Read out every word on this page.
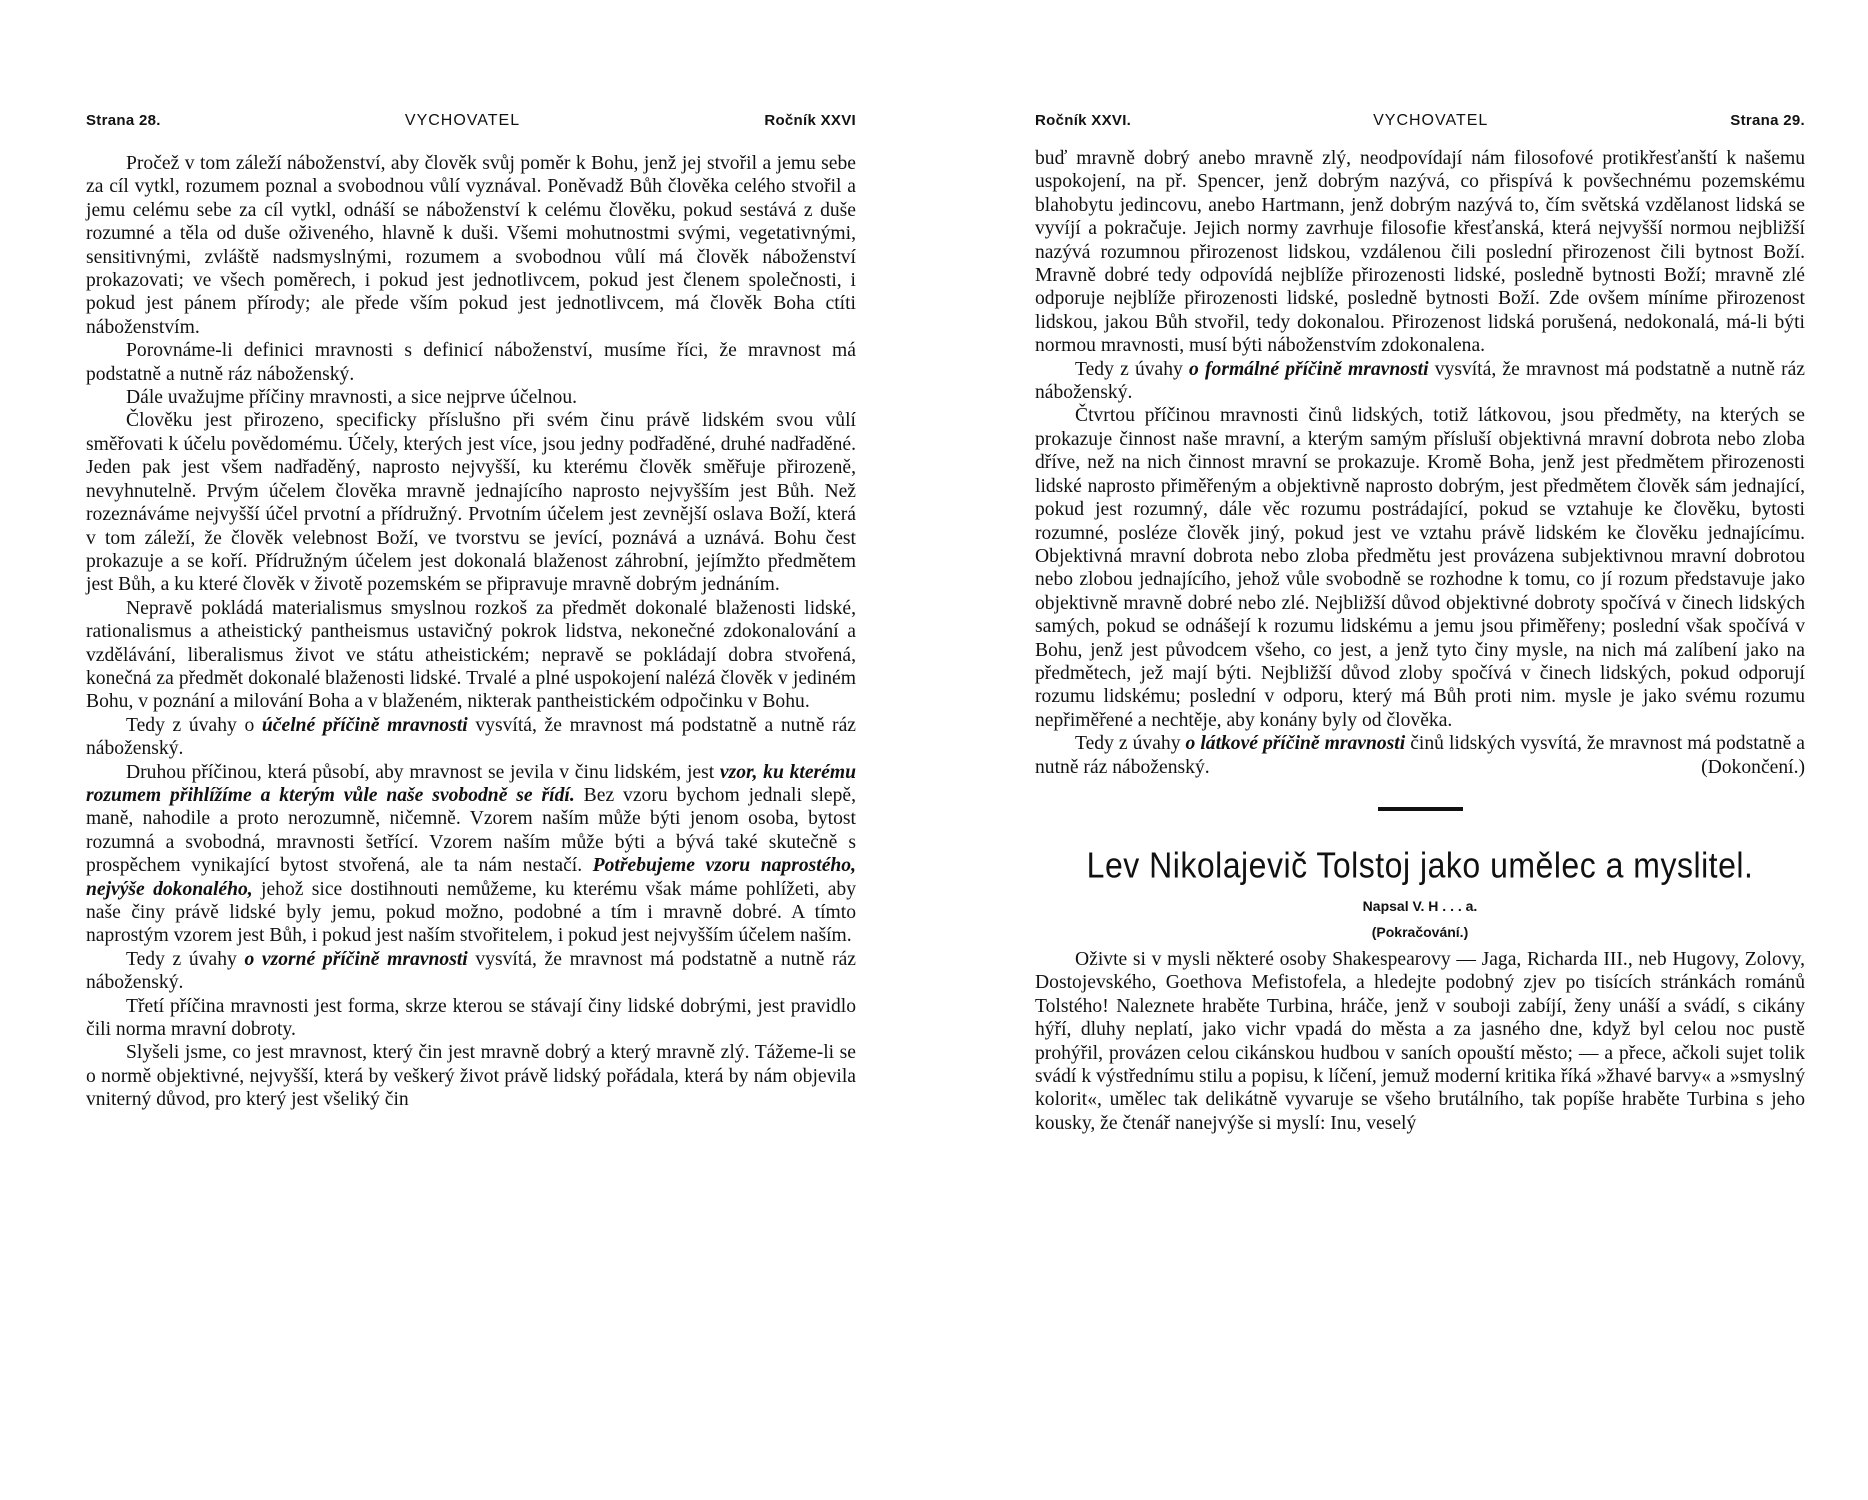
Strana 28.	VYCHOVATEL	Ročník XXVI

Pročež v tom záleží náboženství, aby člověk svůj poměr k Bohu, jenž jej stvořil a jemu sebe za cíl vytkl, rozumem poznal a svobodnou vůlí vyznával. Poněvadž Bůh člověka celého stvořil a jemu celému sebe za cíl vytkl, odnáší se náboženství k celému člověku, pokud sestává z duše rozumné a těla od duše oživeného, hlavně k duši. Všemi mohutnostmi svými, vegetativnými, sensitivnými, zvláště nadsmyslnými, rozumem a svobodnou vůlí má člověk náboženství prokazovati; ve všech poměrech, i pokud jest jednotlivcem, pokud jest členem společnosti, i pokud jest pánem přírody; ale přede vším pokud jest jednotlivcem, má člověk Boha ctíti náboženstvím.

Porovnáme-li definici mravnosti s definicí náboženství, musíme říci, že mravnost má podstatně a nutně ráz náboženský.

Dále uvažujme příčiny mravnosti, a sice nejprve účelnou.

Člověku jest přirozeno, specificky příslušno při svém činu právě lidském svou vůlí směřovati k účelu povědomému. Účely, kterých jest více, jsou jedny podřaděné, druhé nadřaděné. Jeden pak jest všem nadřaděný, naprosto nejvyšší, ku kterému člověk směřuje přirozeně, nevyhnutelně. Prvým účelem člověka mravně jednajícího naprosto nejvyšším jest Bůh. Než rozeznáváme nejvyšší účel prvotní a přídružný. Prvotním účelem jest zevnější oslava Boží, která v tom záleží, že člověk velebnost Boží, ve tvorstvu se jevící, poznává a uznává. Bohu čest prokazuje a se koří. Přídružným účelem jest dokonalá blaženost záhrobní, jejímžto předmětem jest Bůh, a ku které člověk v životě pozemském se připravuje mravně dobrým jednáním.

Nepravě pokládá materialismus smyslnou rozkoš za předmět dokonalé blaženosti lidské, rationalismus a atheistický pantheismus ustavičný pokrok lidstva, nekonečné zdokonalování a vzdělávání, liberalismus život ve státu atheistickém; nepravě se pokládají dobra stvořená, konečná za předmět dokonalé blaženosti lidské. Trvalé a plné uspokojení nalézá člověk v jediném Bohu, v poznání a milování Boha a v blaženém, nikterak pantheistickém odpočinku v Bohu.

Tedy z úvahy o účelné příčině mravnosti vysvítá, že mravnost má podstatně a nutně ráz náboženský.

Druhou příčinou, která působí, aby mravnost se jevila v činu lidském, jest vzor, ku kterému rozumem přihlížíme a kterým vůle naše svobodně se řídí. Bez vzoru bychom jednali slepě, maně, nahodile a proto nerozumně, ničemně. Vzorem naším může býti jenom osoba, bytost rozumná a svobodná, mravnosti šetřící. Vzorem naším může býti a bývá také skutečně s prospěchem vynikající bytost stvořená, ale ta nám nestačí. Potřebujeme vzoru naprostého, nejvýše dokonalého, jehož sice dostihnouti nemůžeme, ku kterému však máme pohlížeti, aby naše činy právě lidské byly jemu, pokud možno, podobné a tím i mravně dobré. A tímto naprostým vzorem jest Bůh, i pokud jest naším stvořitelem, i pokud jest nejvyšším účelem naším.

Tedy z úvahy o vzorné příčině mravnosti vysvítá, že mravnost má podstatně a nutně ráz náboženský.

Třetí příčina mravnosti jest forma, skrze kterou se stávají činy lidské dobrými, jest pravidlo čili norma mravní dobroty.

Slyšeli jsme, co jest mravnost, který čin jest mravně dobrý a který mravně zlý. Tážeme-li se o normě objektivné, nejvyšší, která by veškerý život právě lidský pořádala, která by nám objevila vniterný důvod, pro který jest všeliký čin

Ročník XXVI.	VYCHOVATEL	Strana 29.

buď mravně dobrý anebo mravně zlý, neodpovídají nám filosofové protikřesťanští k našemu uspokojení, na př. Spencer, jenž dobrým nazývá, co přispívá k povšechnému pozemskému blahobytu jedincovu, anebo Hartmann, jenž dobrým nazývá to, čím světská vzdělanost lidská se vyvíjí a pokračuje. Jejich normy zavrhuje filosofie křesťanská, která nejvyšší normou nejbližší nazývá rozumnou přirozenost lidskou, vzdálenou čili poslední přirozenost čili bytnost Boží. Mravně dobré tedy odpovídá nejblíže přirozenosti lidské, posledně bytnosti Boží; mravně zlé odporuje nejblíže přirozenosti lidské, posledně bytnosti Boží. Zde ovšem míníme přirozenost lidskou, jakou Bůh stvořil, tedy dokonalou. Přirozenost lidská porušená, nedokonalá, má-li býti normou mravnosti, musí býti náboženstvím zdokonalena.

Tedy z úvahy o formálné příčině mravnosti vysvítá, že mravnost má podstatně a nutně ráz náboženský.

Čtvrtou příčinou mravnosti činů lidských, totiž látkovou, jsou předměty, na kterých se prokazuje činnost naše mravní, a kterým samým přísluší objektivná mravní dobrota nebo zloba dříve, než na nich činnost mravní se prokazuje. Kromě Boha, jenž jest předmětem přirozenosti lidské naprosto přiměřeným a objektivně naprosto dobrým, jest předmětem člověk sám jednající, pokud jest rozumný, dále věc rozumu postrádající, pokud se vztahuje ke člověku, bytosti rozumné, posléze člověk jiný, pokud jest ve vztahu právě lidském ke člověku jednajícímu. Objektivná mravní dobrota nebo zloba předmětu jest provázena subjektivnou mravní dobrotou nebo zlobou jednajícího, jehož vůle svobodně se rozhodne k tomu, co jí rozum představuje jako objektivně mravně dobré nebo zlé. Nejbližší důvod objektivné dobroty spočívá v činech lidských samých, pokud se odnášejí k rozumu lidskému a jemu jsou přiměřeny; poslední však spočívá v Bohu, jenž jest původcem všeho, co jest, a jenž tyto činy mysle, na nich má zalíbení jako na předmětech, jež mají býti. Nejbližší důvod zloby spočívá v činech lidských, pokud odporují rozumu lidskému; poslední v odporu, který má Bůh proti nim. mysle je jako svému rozumu nepřiměřené a nechtěje, aby konány byly od člověka.

Tedy z úvahy o látkové příčině mravnosti činů lidských vysvítá, že mravnost má podstatně a nutně ráz náboženský.	(Dokončení.)

Lev Nikolajevič Tolstoj jako umělec a myslitel.
Napsal V. H . . . a.
(Pokračování.)

Oživte si v mysli některé osoby Shakespearovy — Jaga, Richarda III., neb Hugovy, Zolovy, Dostojevského, Goethova Mefistofela, a hledejte podobný zjev po tisících stránkách románů Tolstého! Naleznete hraběte Turbina, hráče, jenž v souboji zabíjí, ženy unáší a svádí, s cikány hýří, dluhy neplatí, jako vichr vpadá do města a za jasného dne, když byl celou noc pustě prohýřil, provázen celou cikánskou hudbou v saních opouští město; — a přece, ačkoli sujet tolik svádí k výstřednímu stilu a popisu, k líčení, jemuž moderní kritika říká »žhavé barvy« a »smyslný kolorit«, umělec tak delikátně vyvaruje se všeho brutálního, tak popíše hraběte Turbina s jeho kousky, že čtenář nanejvýše si myslí: Inu, veselý
